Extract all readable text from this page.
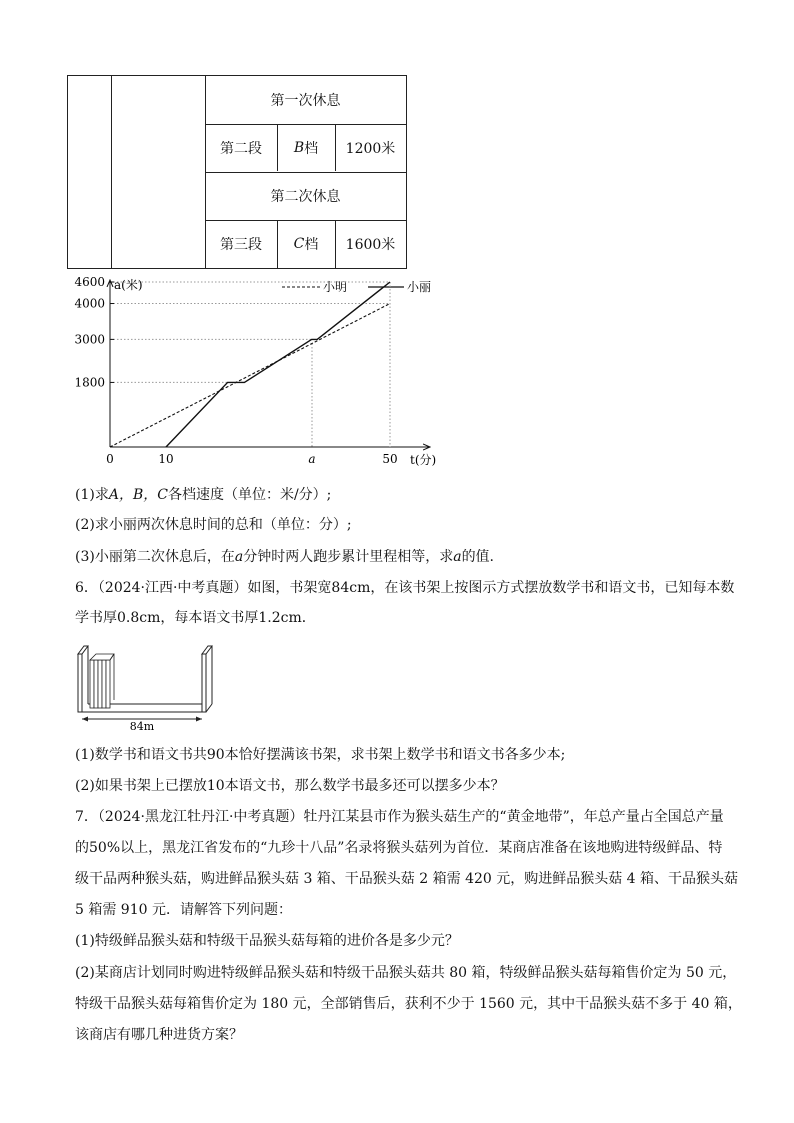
第一次休息
第二段	B 档	1200米
第二次休息
第三段	C 档	1600米
a(米)
t(分)
小明	小丽
4600
4000
3000
1800
0	10	a	50
(1)求A，B，C各档速度（单位：米/分）;
(2)求小丽两次休息时间的总和（单位：分）;
(3)小丽第二次休息后，在a分钟时两人跑步累计里程相等，求a的值.
6．（2024·江西·中考真题）如图，书架宽84cm，在该书架上按图示方式摆放数学书和语文书，已知每本数
学书厚0.8cm，每本语文书厚1.2cm．
84m
(1)数学书和语文书共90本恰好摆满该书架，求书架上数学书和语文书各多少本;
(2)如果书架上已摆放10本语文书，那么数学书最多还可以摆多少本？
7．（2024·黑龙江牡丹江·中考真题）牡丹江某县市作为猴头菇生产的“黄金地带”，年总产量占全国总产量
的50%以上，黑龙江省发布的“九珍十八品”名录将猴头菇列为首位．某商店准备在该地购进特级鲜品、特
级干品两种猴头菇，购进鲜品猴头菇 3 箱、干品猴头菇 2 箱需 420 元，购进鲜品猴头菇 4 箱、干品猴头菇
5 箱需 910 元．请解答下列问题：
(1)特级鲜品猴头菇和特级干品猴头菇每箱的进价各是多少元？
(2)某商店计划同时购进特级鲜品猴头菇和特级干品猴头菇共 80 箱，特级鲜品猴头菇每箱售价定为 50 元，
特级干品猴头菇每箱售价定为 180 元，全部销售后，获利不少于 1560 元，其中干品猴头菇不多于 40 箱，
该商店有哪几种进货方案？
